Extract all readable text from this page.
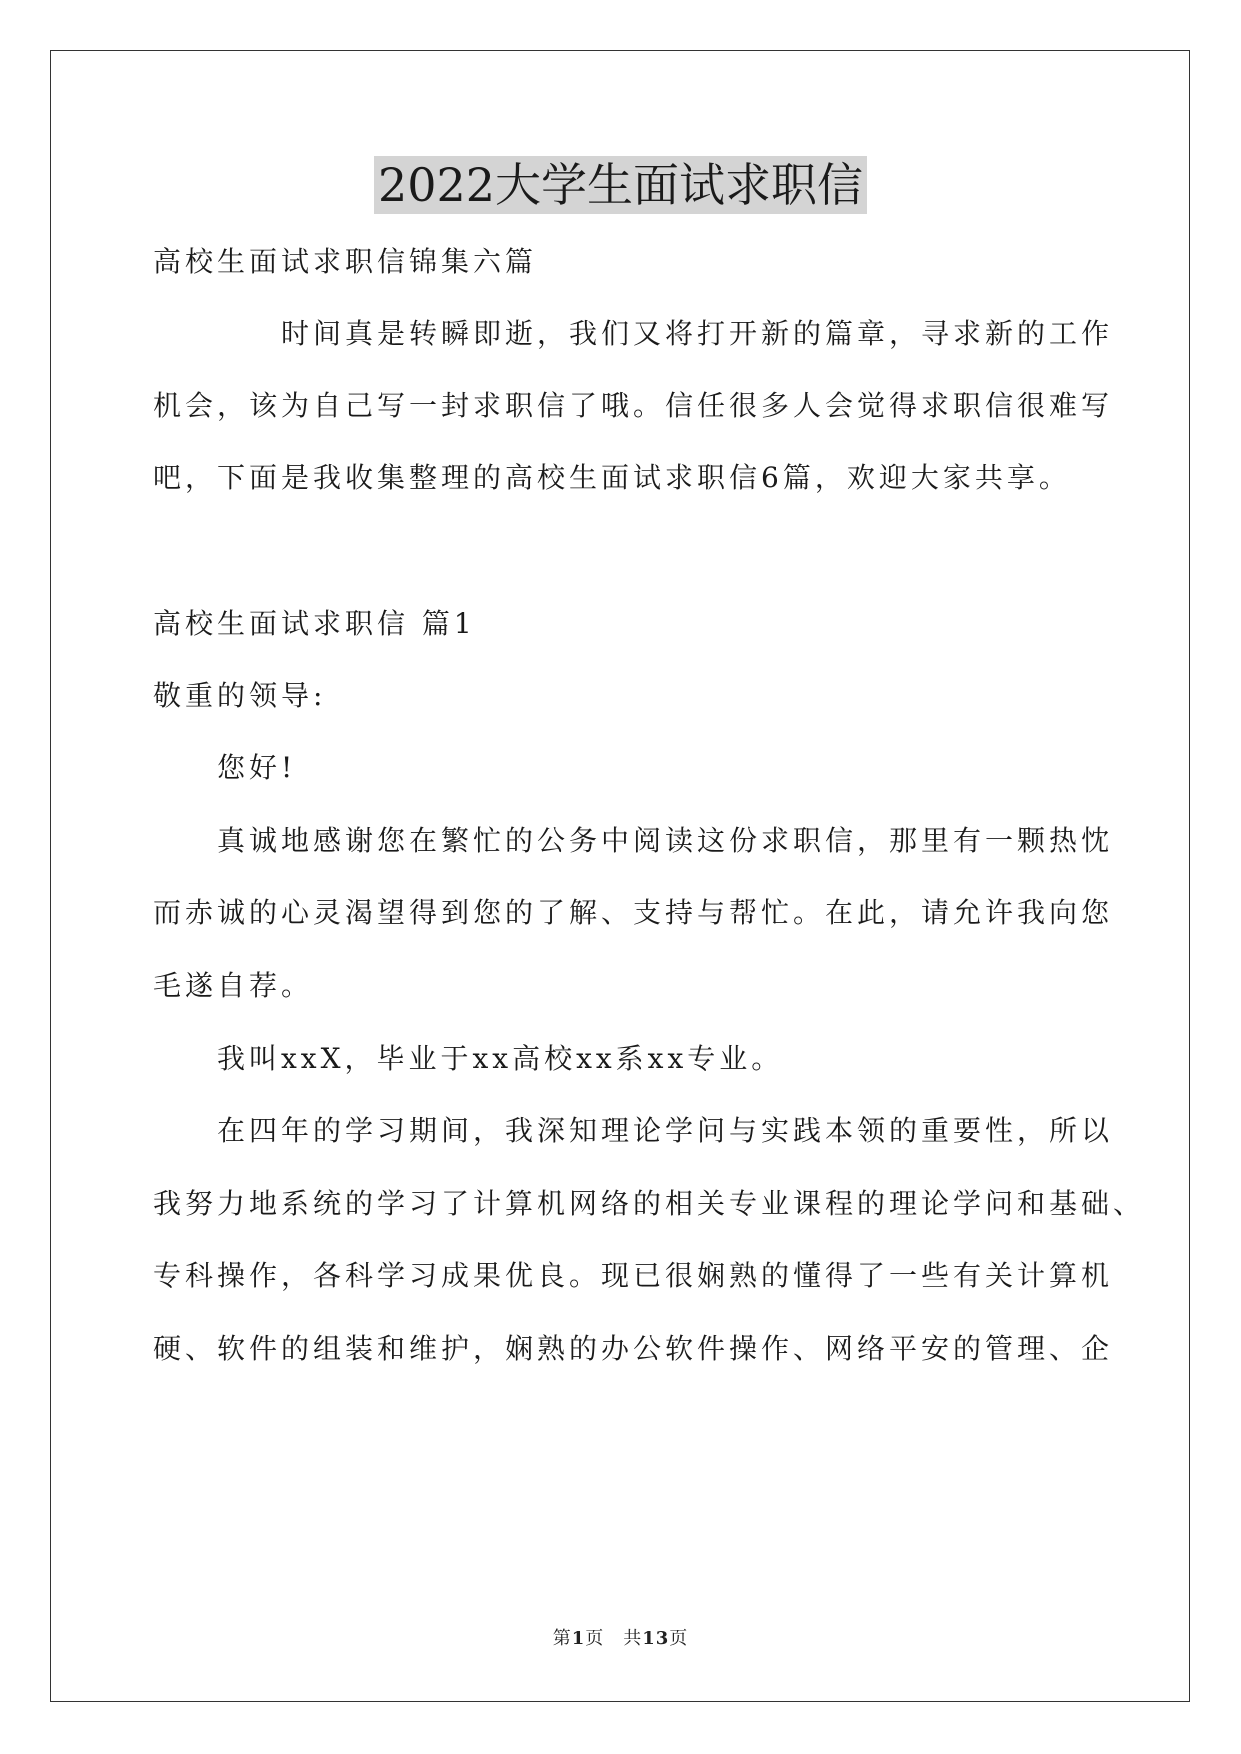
2022大学生面试求职信

高校生面试求职信锦集六篇

　　　　时间真是转瞬即逝，我们又将打开新的篇章，寻求新的工作

机会，该为自己写一封求职信了哦。信任很多人会觉得求职信很难写

吧，下面是我收集整理的高校生面试求职信6篇，欢迎大家共享。

高校生面试求职信 篇1

敬重的领导:

　　您好!

　　真诚地感谢您在繁忙的公务中阅读这份求职信，那里有一颗热忱

而赤诚的心灵渴望得到您的了解、支持与帮忙。在此，请允许我向您

毛遂自荐。

　　我叫xxX，毕业于xx高校xx系xx专业。

　　在四年的学习期间，我深知理论学问与实践本领的重要性，所以

我努力地系统的学习了计算机网络的相关专业课程的理论学问和基础、

专科操作，各科学习成果优良。现已很娴熟的懂得了一些有关计算机

硬、软件的组装和维护，娴熟的办公软件操作、网络平安的管理、企

第1页　共13页
